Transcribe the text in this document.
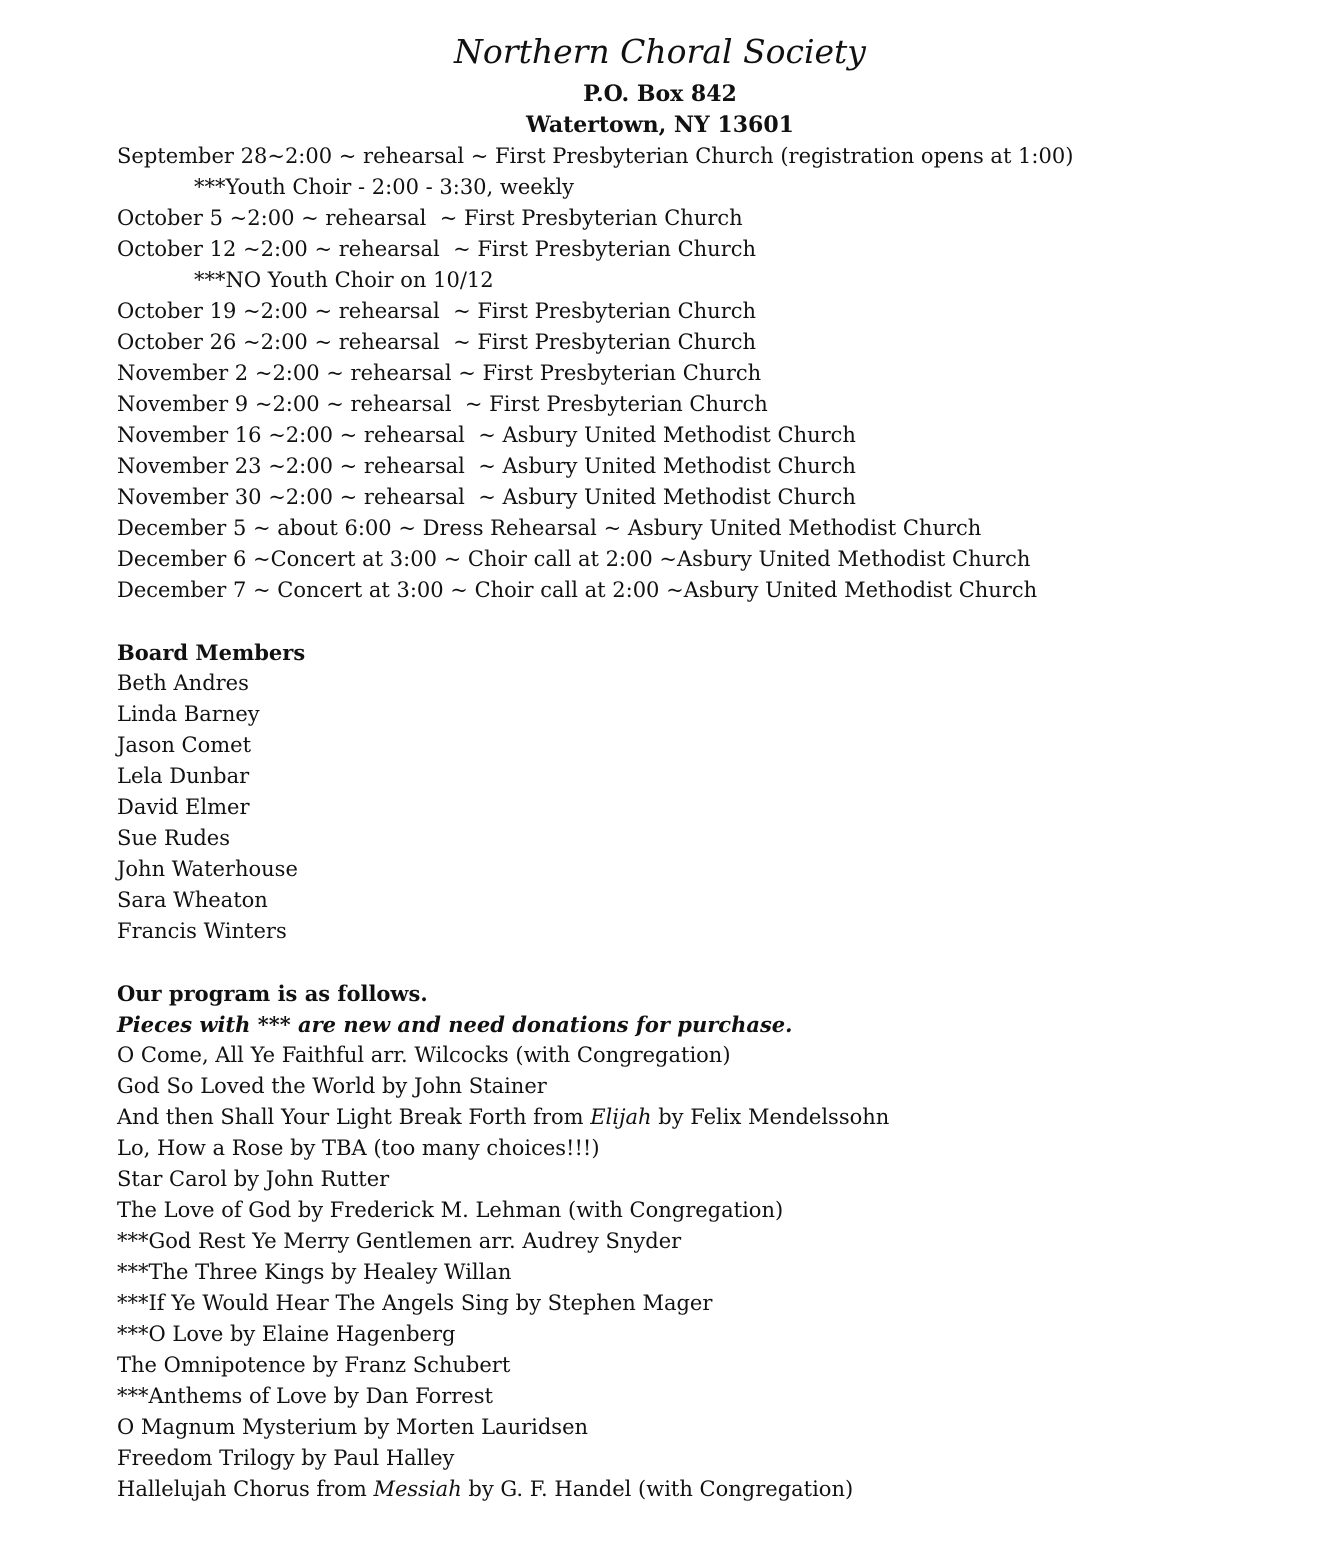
Northern Choral Society
P.O. Box 842
Watertown, NY 13601
September 28~2:00 ~ rehearsal ~ First Presbyterian Church (registration opens at 1:00)
***Youth Choir - 2:00 - 3:30, weekly
October 5 ~2:00 ~ rehearsal  ~ First Presbyterian Church
October 12 ~2:00 ~ rehearsal  ~ First Presbyterian Church
***NO Youth Choir on 10/12
October 19 ~2:00 ~ rehearsal  ~ First Presbyterian Church
October 26 ~2:00 ~ rehearsal  ~ First Presbyterian Church
November 2 ~2:00 ~ rehearsal ~ First Presbyterian Church
November 9 ~2:00 ~ rehearsal  ~ First Presbyterian Church
November 16 ~2:00 ~ rehearsal  ~ Asbury United Methodist Church
November 23 ~2:00 ~ rehearsal  ~ Asbury United Methodist Church
November 30 ~2:00 ~ rehearsal  ~ Asbury United Methodist Church
December 5 ~ about 6:00 ~ Dress Rehearsal ~ Asbury United Methodist Church
December 6 ~Concert at 3:00 ~ Choir call at 2:00 ~Asbury United Methodist Church
December 7 ~ Concert at 3:00 ~ Choir call at 2:00 ~Asbury United Methodist Church
Board Members
Beth Andres
Linda Barney
Jason Comet
Lela Dunbar
David Elmer
Sue Rudes
John Waterhouse
Sara Wheaton
Francis Winters
Our program is as follows.
Pieces with *** are new and need donations for purchase.
O Come, All Ye Faithful arr. Wilcocks (with Congregation)
God So Loved the World by John Stainer
And then Shall Your Light Break Forth from Elijah by Felix Mendelssohn
Lo, How a Rose by TBA (too many choices!!!)
Star Carol by John Rutter
The Love of God by Frederick M. Lehman (with Congregation)
***God Rest Ye Merry Gentlemen arr. Audrey Snyder
***The Three Kings by Healey Willan
***If Ye Would Hear The Angels Sing by Stephen Mager
***O Love by Elaine Hagenberg
The Omnipotence by Franz Schubert
***Anthems of Love by Dan Forrest
O Magnum Mysterium by Morten Lauridsen
Freedom Trilogy by Paul Halley
Hallelujah Chorus from Messiah by G. F. Handel (with Congregation)
